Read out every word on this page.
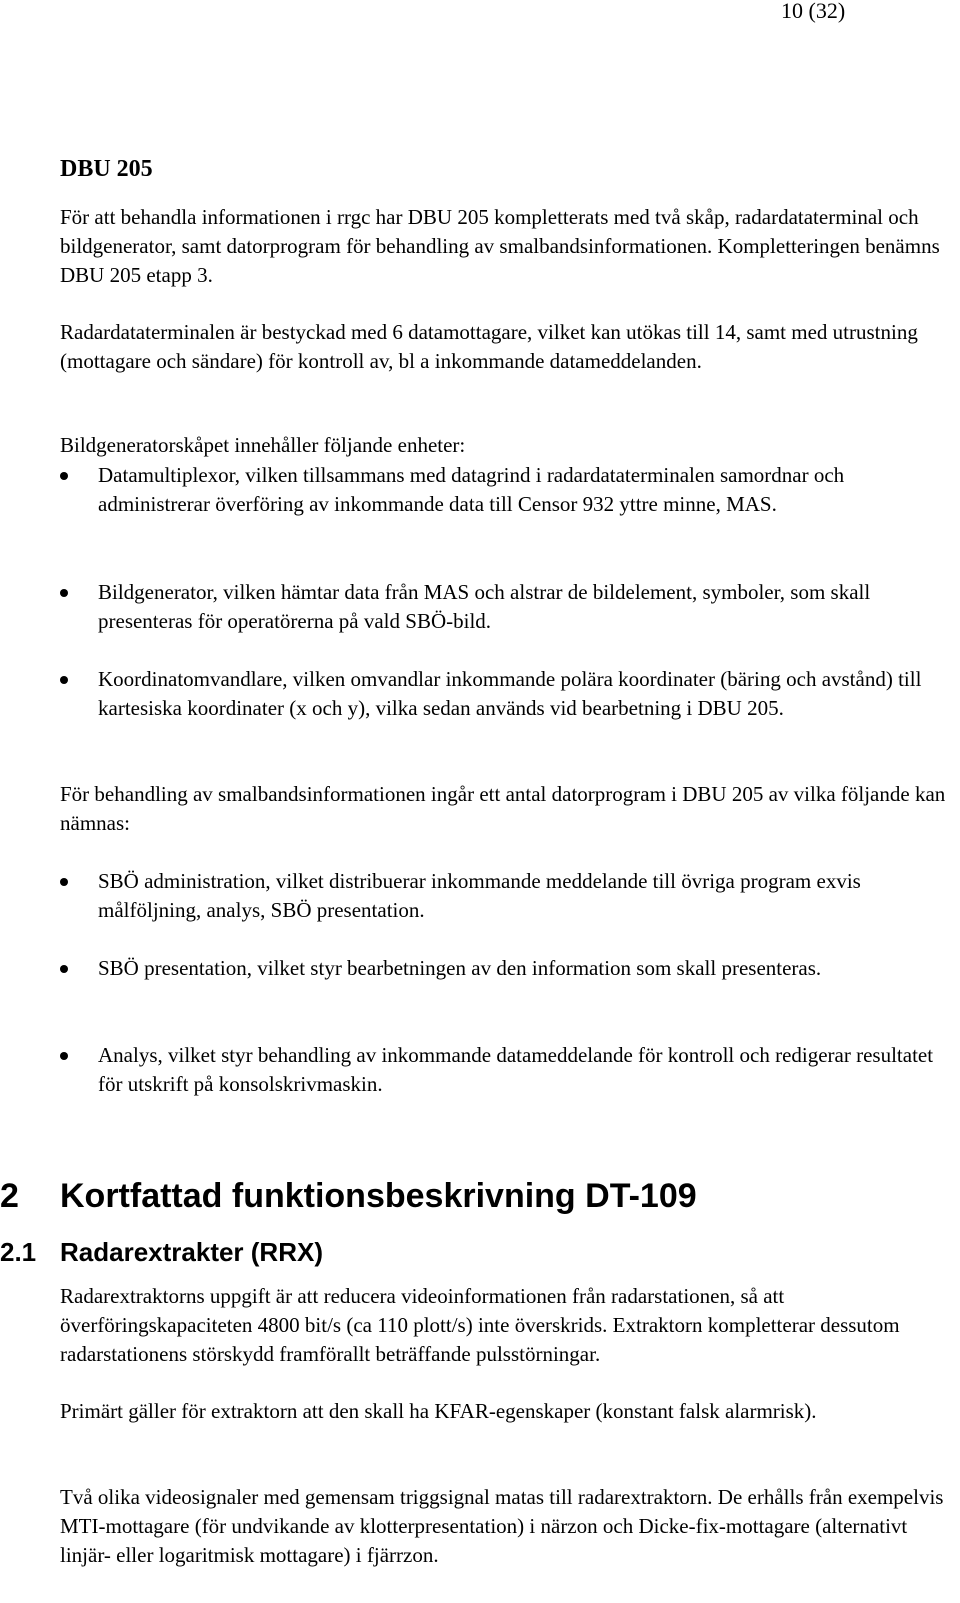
10 (32)
DBU 205

För att behandla informationen i rrgc har DBU 205 kompletterats med två skåp, radardataterminal och bildgenerator, samt datorprogram för behandling av smalbandsinformationen. Kompletteringen benämns DBU 205 etapp 3.

Radardataterminalen är bestyckad med 6 datamottagare, vilket kan utökas till 14, samt med utrustning (mottagare och sändare) för kontroll av, bl a inkommande datameddelanden.

Bildgeneratorskåpet innehåller följande enheter:

Datamultiplexor, vilken tillsammans med datagrind i radardataterminalen samordnar och administrerar överföring av inkommande data till Censor 932 yttre minne, MAS.
Bildgenerator, vilken hämtar data från MAS och alstrar de bildelement, symboler, som skall presenteras för operatörerna på vald SBÖ-bild.
Koordinatomvandlare, vilken omvandlar inkommande polära koordinater (bäring och avstånd) till kartesiska koordinater (x och y), vilka sedan används vid bearbetning i DBU 205.

För behandling av smalbandsinformationen ingår ett antal datorprogram i DBU 205 av vilka följande kan nämnas:

SBÖ administration, vilket distribuerar inkommande meddelande till övriga program exvis målföljning, analys, SBÖ presentation.
SBÖ presentation, vilket styr bearbetningen av den information som skall presenteras.
Analys, vilket styr behandling av inkommande datameddelande för kontroll och redigerar resultatet för utskrift på konsolskrivmaskin.
2 Kortfattad funktionsbeskrivning DT-109
2.1 Radarextrakter (RRX)

Radarextraktorns uppgift är att reducera videoinformationen från radarstationen, så att överföringskapaciteten 4800 bit/s (ca 110 plott/s) inte överskrids. Extraktorn kompletterar dessutom radarstationens störskydd framförallt beträffande pulsstörningar.

Primärt gäller för extraktorn att den skall ha KFAR-egenskaper (konstant falsk alarmrisk).

Två olika videosignaler med gemensam triggsignal matas till radarextraktorn. De erhålls från exempelvis MTI-mottagare (för undvikande av klotterpresentation) i närzon och Dicke-fix-mottagare (alternativt linjär- eller logaritmisk mottagare) i fjärrzon.
